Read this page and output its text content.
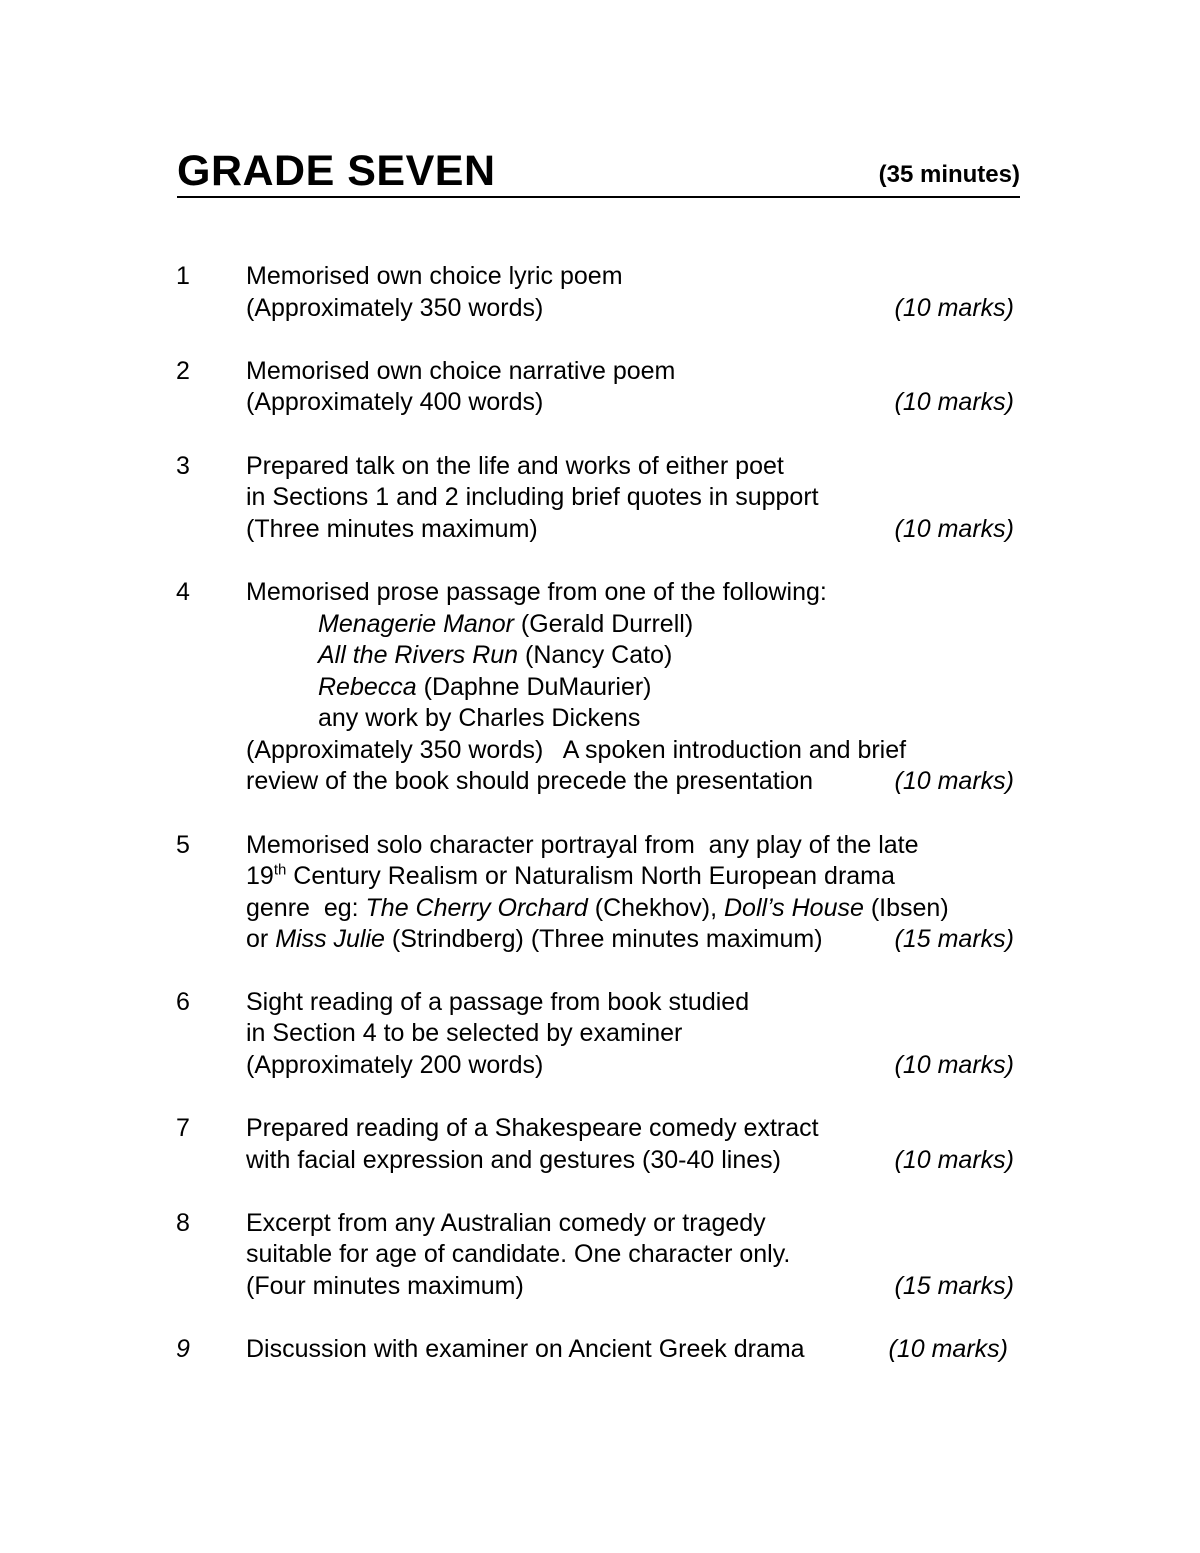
GRADE SEVEN	(35 minutes)
1 Memorised own choice lyric poem
(Approximately 350 words)	(10 marks)
2 Memorised own choice narrative poem
(Approximately 400 words)	(10 marks)
3 Prepared talk on the life and works of either poet
in Sections 1 and 2 including brief quotes in support
(Three minutes maximum)	(10 marks)
4 Memorised prose passage from one of the following:
Menagerie Manor (Gerald Durrell)
All the Rivers Run (Nancy Cato)
Rebecca (Daphne DuMaurier)
any work by Charles Dickens
(Approximately 350 words)   A spoken introduction and brief
review of the book should precede the presentation	(10 marks)
5 Memorised solo character portrayal from  any play of the late
19th Century Realism or Naturalism North European drama
genre  eg: The Cherry Orchard (Chekhov), Doll’s House (Ibsen)
or Miss Julie (Strindberg) (Three minutes maximum)	(15 marks)
6 Sight reading of a passage from book studied
in Section 4 to be selected by examiner
(Approximately 200 words)	(10 marks)
7 Prepared reading of a Shakespeare comedy extract
with facial expression and gestures (30-40 lines)	(10 marks)
8 Excerpt from any Australian comedy or tragedy
suitable for age of candidate. One character only.
(Four minutes maximum)	(15 marks)
9 Discussion with examiner on Ancient Greek drama	(10 marks)
